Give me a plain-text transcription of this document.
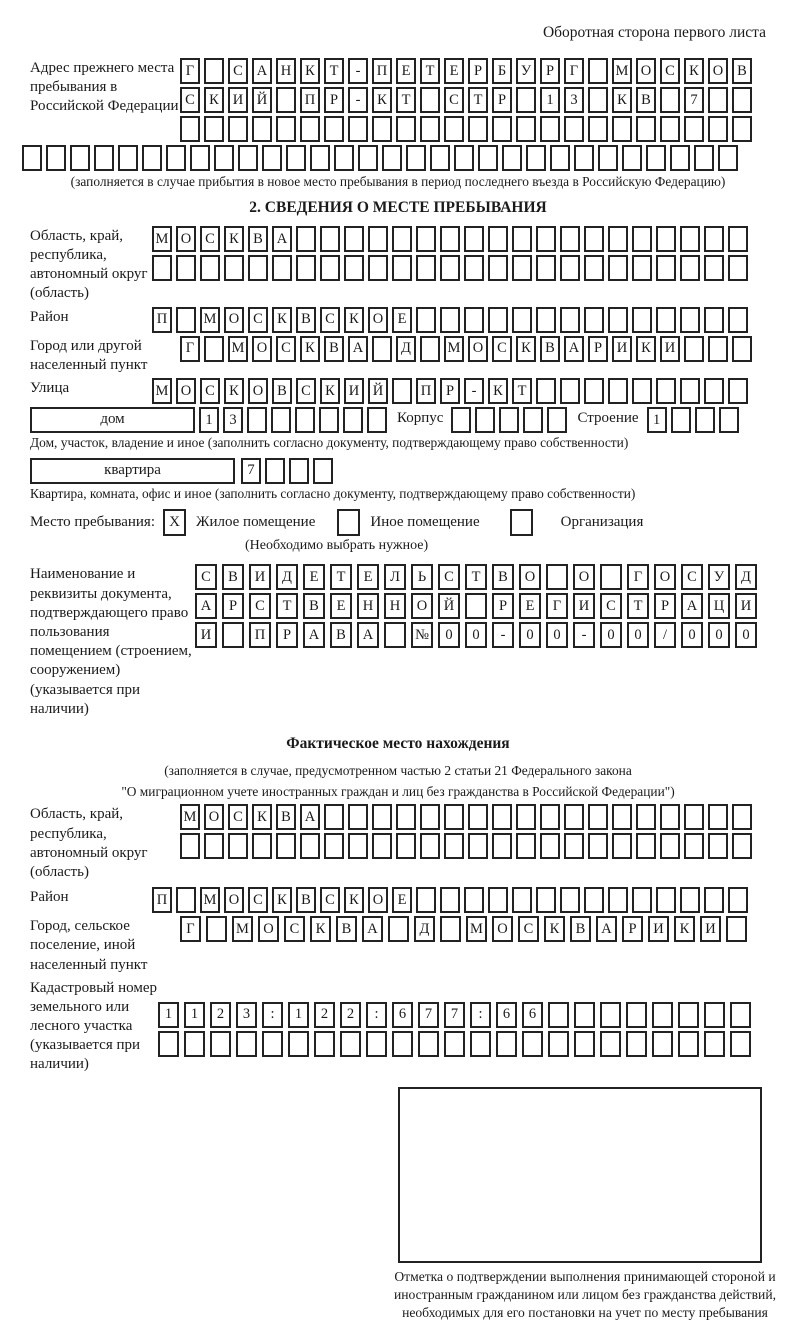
Оборотная сторона первого листа
Адрес прежнего места пребывания в Российской Федерации
Г	С А Н К	Т	-	П Е	Т	Е	Р	Б	У	Р	Г	М О С К О В
С К И Й	П	Р	-	К	Т	С	Т	Р	1	3	К В	7
(заполняется в случае прибытия в новое место пребывания в период последнего въезда в Российскую Федерацию)
2. СВЕДЕНИЯ О МЕСТЕ ПРЕБЫВАНИЯ
Область, край, республика, автономный округ (область)
М О С К В А
Район	П	М О С К В С К О Е
Город или другой населенный пункт
Г	М О С К В А	Д	М О С К В А	Р	И К И
Улица	М О С К О В С К И Й	П	Р	-	К	Т
дом	1	3	Корпус	Строение 1
Дом, участок, владение и иное (заполнить согласно документу, подтверждающему право собственности)
квартира	7
Квартира, комната, офис и иное (заполнить согласно документу, подтверждающему право собственности)
Место пребывания: X	Жилое помещение	Иное помещение	Организация
(Необходимо выбрать нужное)
Наименование и реквизиты документа, подтверждающего право пользования помещением (строением, сооружением) (указывается при наличии)
С	В	И	Д	Е	Т	Е	Л	Ь	С	Т	В	О	О	Г	О	С	У	Д
А	Р	С	Т	В	Е	Н	Н	О	Й	Р	Е	Г	И	С	Т	Р	А	Ц	И
И	П	Р	А	В	А	№	0	0	-	0	0	-	0	0	/	0	0	0
Фактическое место нахождения
(заполняется в случае, предусмотренном частью 2 статьи 21 Федерального закона
"О миграционном учете иностранных граждан и лиц без гражданства в Российской Федерации")
Область, край, республика, автономный округ (область)
М О С К В А
Район	П	М О С К В С К О Е
Город, сельское поселение, иной населенный пункт
Г	М О	С	К	В	А	Д	М О	С	К	В	А	Р	И	К	И
Кадастровый номер земельного или лесного участка (указывается при наличии)
1	1	2	3	:	1	2	2	:	6	7	7	:	6	6
Отметка о подтверждении выполнения принимающей стороной и иностранным гражданином или лицом без гражданства действий, необходимых для его постановки на учет по месту пребывания
